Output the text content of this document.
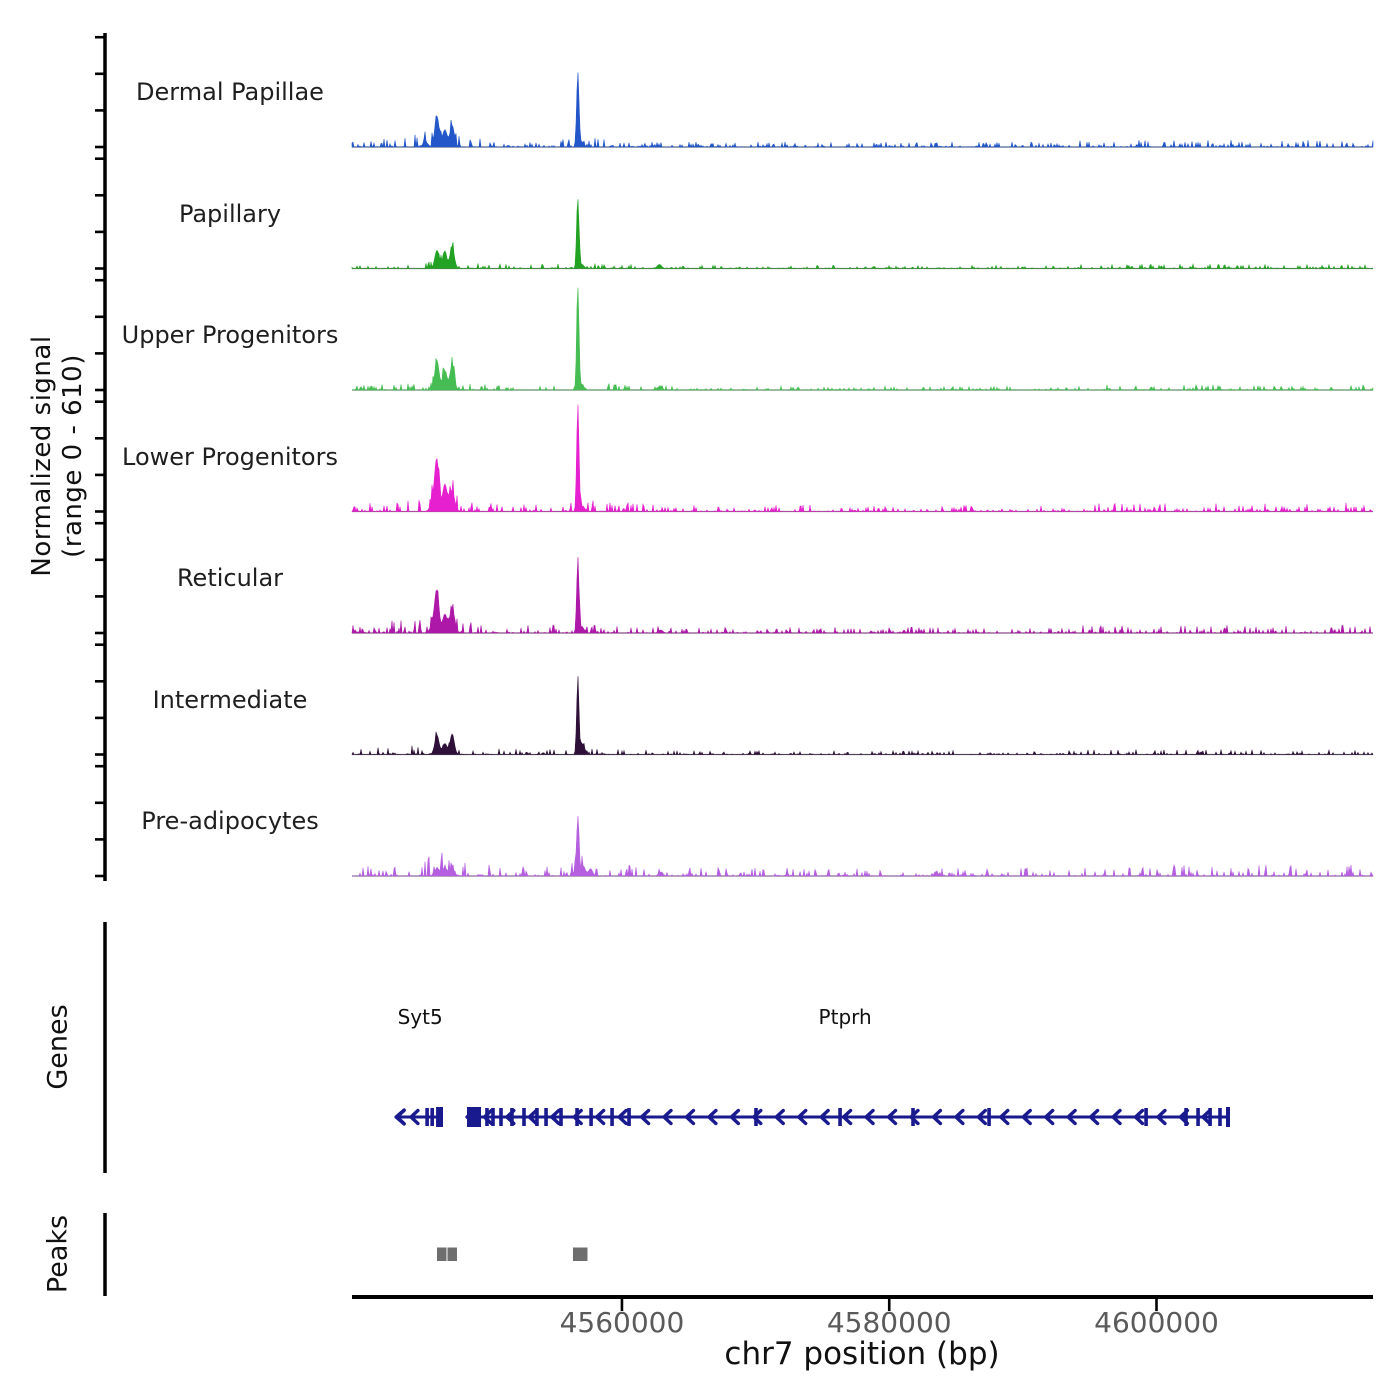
Normalized signal (range 0 - 610)
Genes
Peaks
Dermal Papillae
Papillary
Upper Progenitors
Lower Progenitors
Reticular
Intermediate
Pre-adipocytes
Syt5	Ptprh
4560000	4580000	4600000
chr7 position (bp)
